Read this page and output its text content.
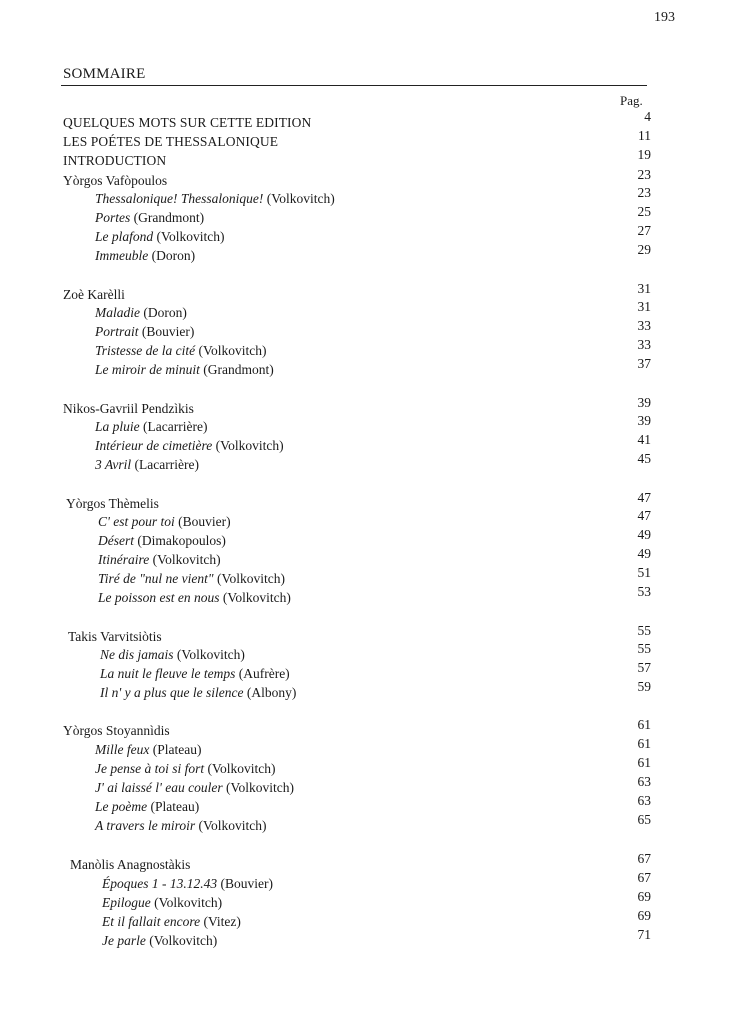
193
SOMMAIRE
Pag.
QUELQUES MOTS SUR CETTE EDITION	4
LES POÉTES DE THESSALONIQUE	11
INTRODUCTION	19
Yòrgos Vafòpoulos	23
Thessalonique! Thessalonique! (Volkovitch)	23
Portes (Grandmont)	25
Le plafond (Volkovitch)	27
Immeuble (Doron)	29
Zoè Karèlli	31
Maladie (Doron)	31
Portrait (Bouvier)	33
Tristesse de la cité (Volkovitch)	33
Le miroir de minuit (Grandmont)	37
Nikos-Gavriil Pendzìkis	39
La pluie (Lacarrière)	39
Intérieur de cimetière (Volkovitch)	41
3 Avril (Lacarrière)	45
Yòrgos Thèmelis	47
C' est pour toi (Bouvier)	47
Désert (Dimakopoulos)	49
Itinéraire (Volkovitch)	49
Tiré de "nul ne vient" (Volkovitch)	51
Le poisson est en nous (Volkovitch)	53
Takis Varvitsiòtis	55
Ne dis jamais (Volkovitch)	55
La nuit le fleuve le temps (Aufrère)	57
Il n' y a plus que le silence (Albony)	59
Yòrgos Stoyannìdis	61
Mille feux (Plateau)	61
Je pense à toi si fort (Volkovitch)	61
J' ai laissé l' eau couler (Volkovitch)	63
Le poème (Plateau)	63
A travers le miroir (Volkovitch)	65
Manòlis Anagnostàkis	67
Époques 1 - 13.12.43 (Bouvier)	67
Epilogue (Volkovitch)	69
Et il fallait encore (Vitez)	69
Je parle (Volkovitch)	71
